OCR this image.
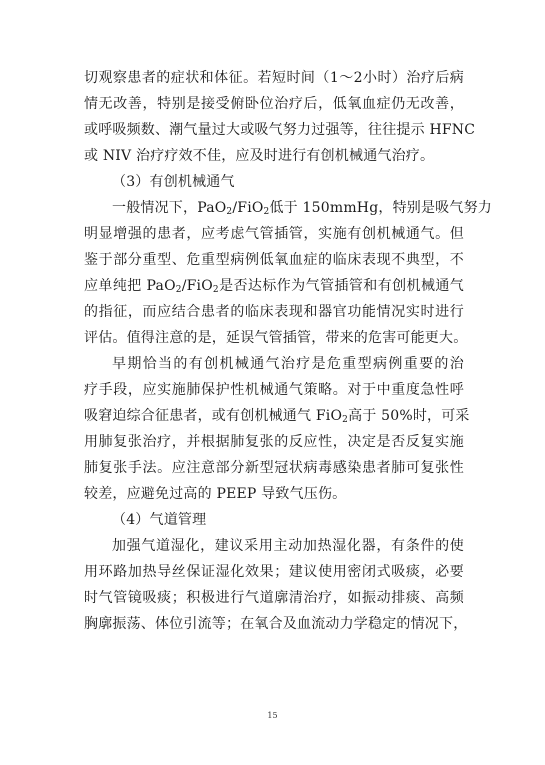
切观察患者的症状和体征。若短时间（1～2小时）治疗后病
情无改善，特别是接受俯卧位治疗后，低氧血症仍无改善，
或呼吸频数、潮气量过大或吸气努力过强等，往往提示 HFNC
或 NIV 治疗疗效不佳，应及时进行有创机械通气治疗。
（3）有创机械通气
一般情况下，PaO$_2$/FiO$_2$低于 150mmHg，特别是吸气努力
明显增强的患者，应考虑气管插管，实施有创机械通气。但
鉴于部分重型、危重型病例低氧血症的临床表现不典型，不
应单纯把 PaO$_2$/FiO$_2$是否达标作为气管插管和有创机械通气
的指征，而应结合患者的临床表现和器官功能情况实时进行
评估。值得注意的是，延误气管插管，带来的危害可能更大。
早期恰当的有创机械通气治疗是危重型病例重要的治
疗手段，应实施肺保护性机械通气策略。对于中重度急性呼
吸窘迫综合征患者，或有创机械通气 FiO$_2$高于 50%时，可采
用肺复张治疗，并根据肺复张的反应性，决定是否反复实施
肺复张手法。应注意部分新型冠状病毒感染患者肺可复张性
较差，应避免过高的 PEEP 导致气压伤。
（4）气道管理
加强气道湿化，建议采用主动加热湿化器，有条件的使
用环路加热导丝保证湿化效果；建议使用密闭式吸痰，必要
时气管镜吸痰；积极进行气道廓清治疗，如振动排痰、高频
胸廓振荡、体位引流等；在氧合及血流动力学稳定的情况下，
15
